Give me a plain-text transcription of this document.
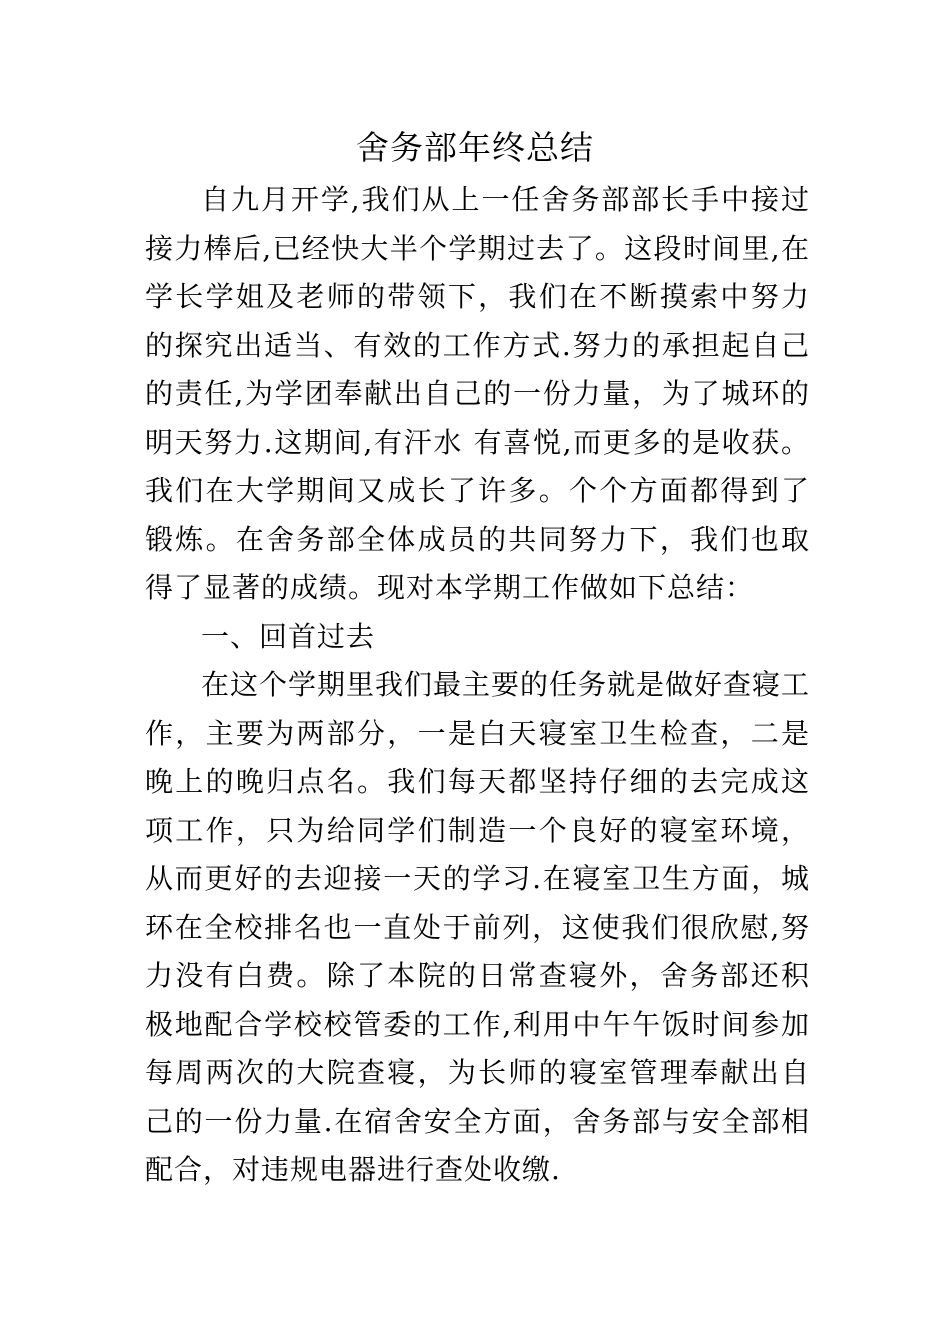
舍务部年终总结

自九月开学,我们从上一任舍务部部长手中接过接力棒后,已经快大半个学期过去了。这段时间里,在学长学姐及老师的带领下，我们在不断摸索中努力的探究出适当、有效的工作方式.努力的承担起自己的责任,为学团奉献出自己的一份力量，为了城环的明天努力.这期间,有汗水 有喜悦,而更多的是收获。我们在大学期间又成长了许多。个个方面都得到了锻炼。在舍务部全体成员的共同努力下，我们也取得了显著的成绩。现对本学期工作做如下总结：

一、回首过去

在这个学期里我们最主要的任务就是做好查寝工作，主要为两部分，一是白天寝室卫生检查，二是晚上的晚归点名。我们每天都坚持仔细的去完成这项工作，只为给同学们制造一个良好的寝室环境，从而更好的去迎接一天的学习.在寝室卫生方面，城环在全校排名也一直处于前列，这使我们很欣慰,努力没有白费。除了本院的日常查寝外，舍务部还积极地配合学校校管委的工作,利用中午午饭时间参加每周两次的大院查寝，为长师的寝室管理奉献出自己的一份力量.在宿舍安全方面，舍务部与安全部相配合，对违规电器进行查处收缴.
